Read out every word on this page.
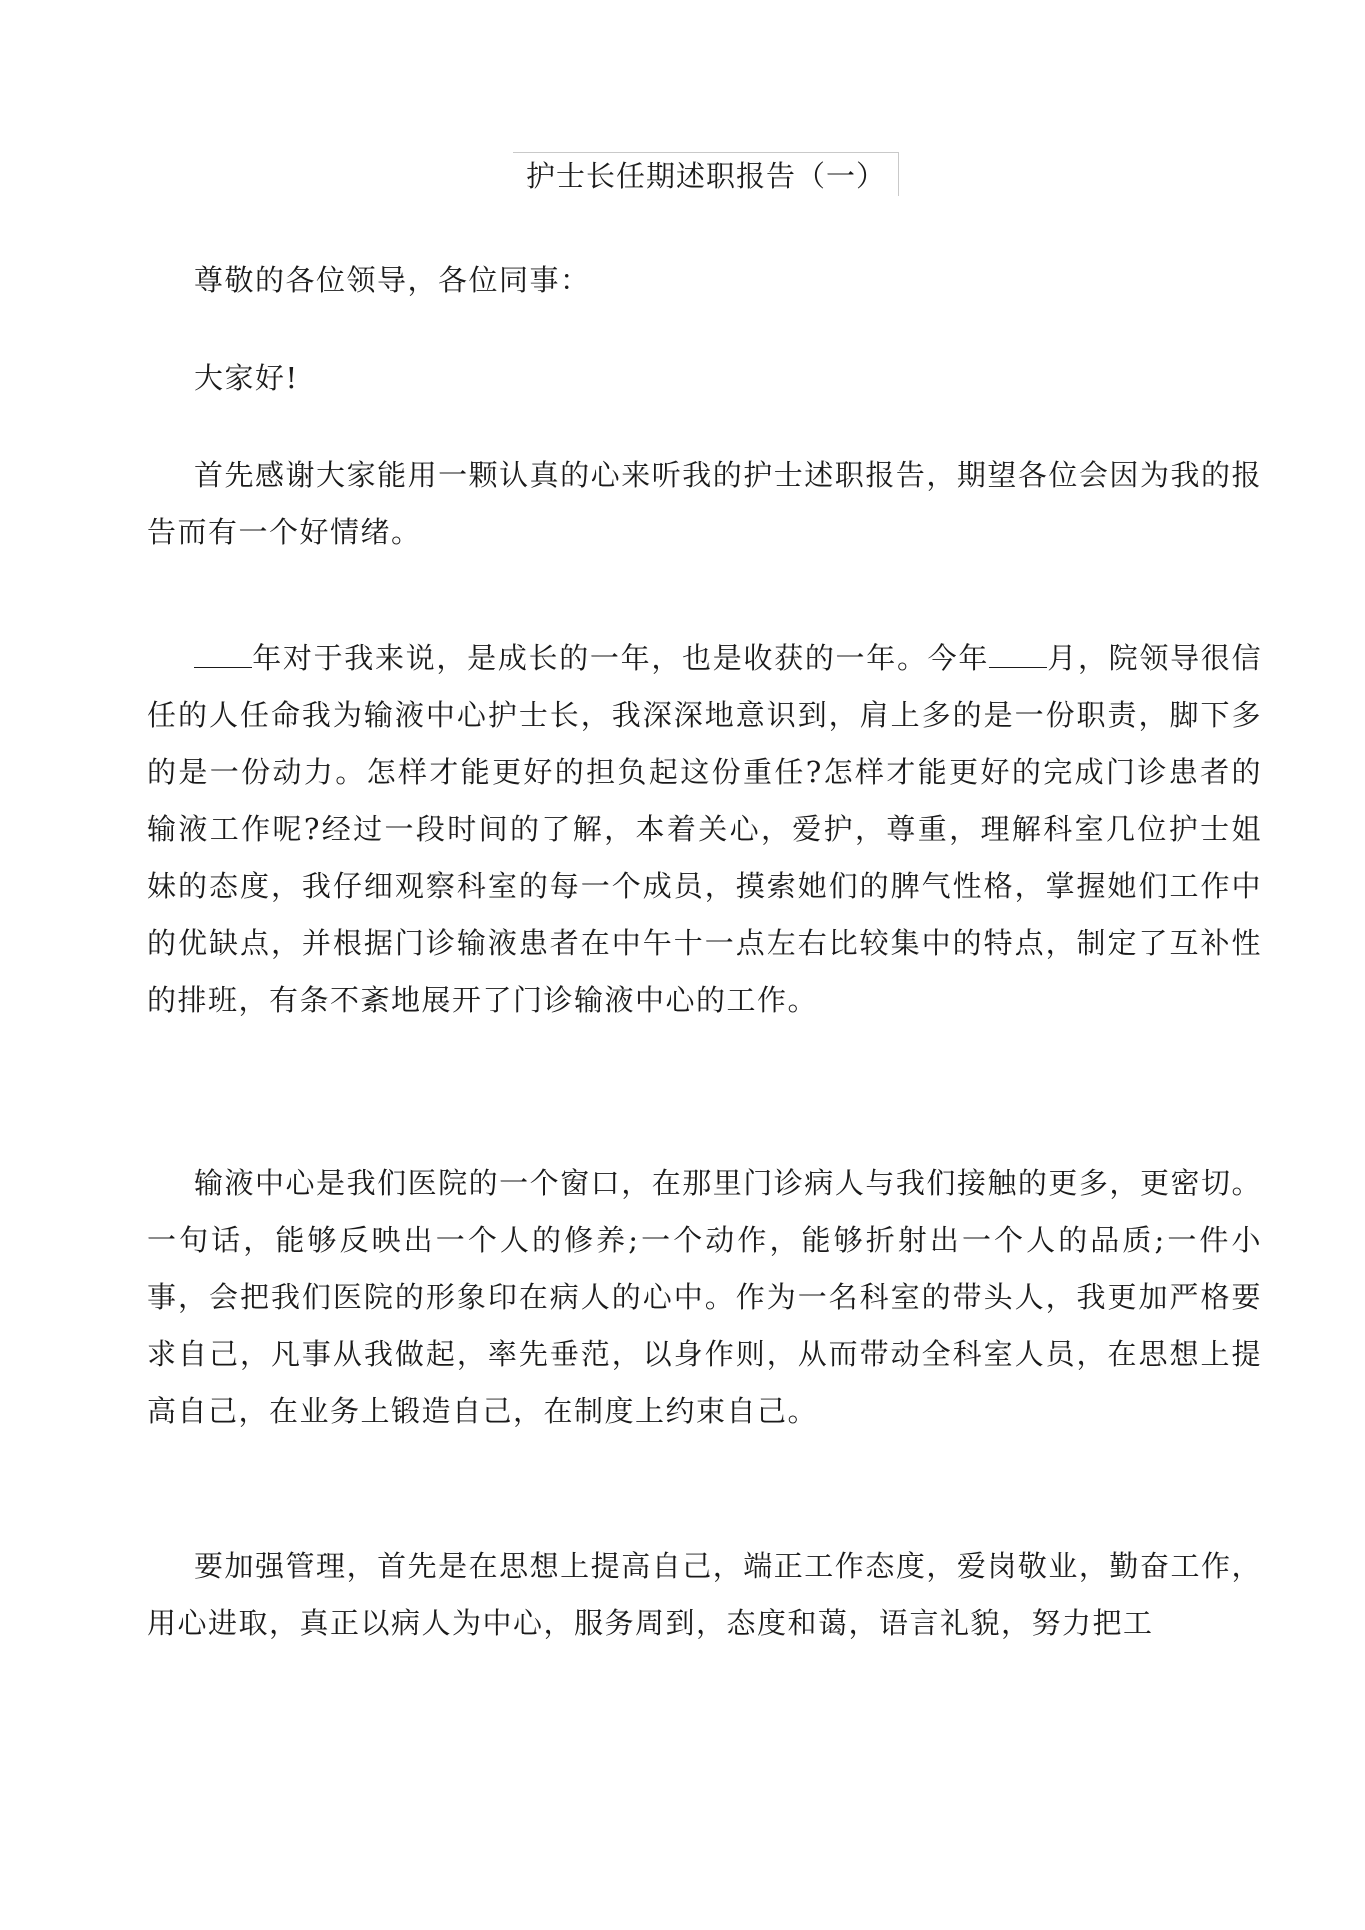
护士长任期述职报告（一）

尊敬的各位领导，各位同事：

大家好!

首先感谢大家能用一颗认真的心来听我的护士述职报告，期望各位会因为我的报告而有一个好情绪。

年对于我来说，是成长的一年，也是收获的一年。今年 月，院领导很信任的人任命我为输液中心护士长，我深深地意识到，肩上多的是一份职责，脚下多的是一份动力。怎样才能更好的担负起这份重任?怎样才能更好的完成门诊患者的输液工作呢?经过一段时间的了解，本着关心，爱护，尊重，理解科室几位护士姐妹的态度，我仔细观察科室的每一个成员，摸索她们的脾气性格，掌握她们工作中的优缺点，并根据门诊输液患者在中午十一点左右比较集中的特点，制定了互补性的排班，有条不紊地展开了门诊输液中心的工作。

输液中心是我们医院的一个窗口，在那里门诊病人与我们接触的更多，更密切。一句话，能够反映出一个人的修养;一个动作，能够折射出一个人的品质;一件小事，会把我们医院的形象印在病人的心中。作为一名科室的带头人，我更加严格要求自己，凡事从我做起，率先垂范，以身作则，从而带动全科室人员，在思想上提高自己，在业务上锻造自己，在制度上约束自己。

要加强管理，首先是在思想上提高自己，端正工作态度，爱岗敬业，勤奋工作，用心进取，真正以病人为中心，服务周到，态度和蔼，语言礼貌，努力把工
